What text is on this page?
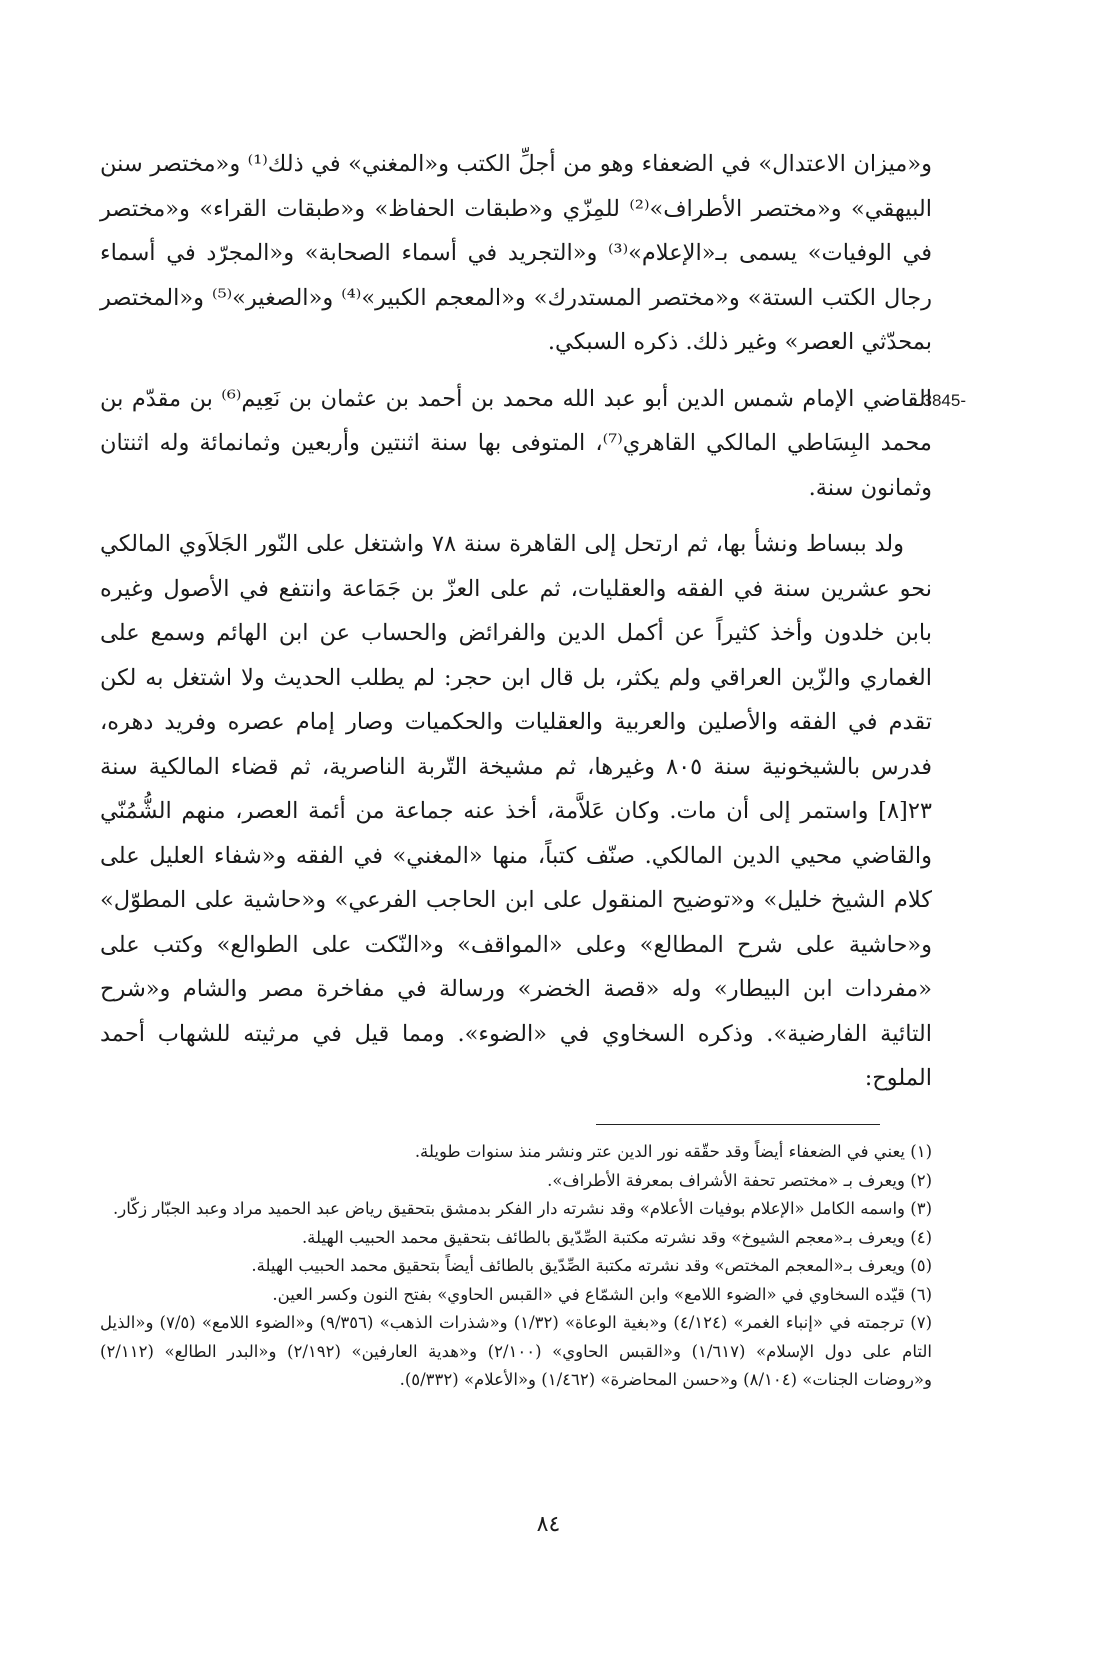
و«ميزان الاعتدال» في الضعفاء وهو من أجلِّ الكتب و«المغني» في ذلك⁽¹⁾ و«مختصر سنن البيهقي» و«مختصر الأطراف»⁽²⁾ للمِزّي و«طبقات الحفاظ» و«طبقات القراء» و«مختصر في الوفيات» يسمى بـ«الإعلام»⁽³⁾ و«التجريد في أسماء الصحابة» و«المجرّد في أسماء رجال الكتب الستة» و«مختصر المستدرك» و«المعجم الكبير»⁽⁴⁾ و«الصغير»⁽⁵⁾ و«المختصر بمحدّثي العصر» وغير ذلك. ذكره السبكي.

3845-
القاضي الإمام شمس الدين أبو عبد الله محمد بن أحمد بن عثمان بن نَعِيم⁽⁶⁾ بن مقدّم بن محمد البِسَاطي المالكي القاهري⁽⁷⁾، المتوفى بها سنة اثنتين وأربعين وثمانمائة وله اثنتان وثمانون سنة.

ولد ببساط ونشأ بها، ثم ارتحل إلى القاهرة سنة ٧٨ واشتغل على النّور الجَلاَوي المالكي نحو عشرين سنة في الفقه والعقليات، ثم على العزّ بن جَمَاعة وانتفع في الأصول وغيره بابن خلدون وأخذ كثيراً عن أكمل الدين والفرائض والحساب عن ابن الهائم وسمع على الغماري والزّين العراقي ولم يكثر، بل قال ابن حجر: لم يطلب الحديث ولا اشتغل به لكن تقدم في الفقه والأصلين والعربية والعقليات والحكميات وصار إمام عصره وفريد دهره، فدرس بالشيخونية سنة ٨٠٥ وغيرها، ثم مشيخة التّربة الناصرية، ثم قضاء المالكية سنة ٢٣[٨] واستمر إلى أن مات. وكان عَلاَّمة، أخذ عنه جماعة من أئمة العصر، منهم الشُّمُنّي والقاضي محيي الدين المالكي. صنّف كتباً، منها «المغني» في الفقه و«شفاء العليل على كلام الشيخ خليل» و«توضيح المنقول على ابن الحاجب الفرعي» و«حاشية على المطوّل» و«حاشية على شرح المطالع» وعلى «المواقف» و«النّكت على الطوالع» وكتب على «مفردات ابن البيطار» وله «قصة الخضر» ورسالة في مفاخرة مصر والشام و«شرح التائية الفارضية». وذكره السخاوي في «الضوء». ومما قيل في مرثيته للشهاب أحمد الملوح:

(١) يعني في الضعفاء أيضاً وقد حقّقه نور الدين عتر ونشر منذ سنوات طويلة.

(٢) ويعرف بـ «مختصر تحفة الأشراف بمعرفة الأطراف».

(٣) واسمه الكامل «الإعلام بوفيات الأعلام» وقد نشرته دار الفكر بدمشق بتحقيق رياض عبد الحميد مراد وعبد الجبّار زكّار.

(٤) ويعرف بـ«معجم الشيوخ» وقد نشرته مكتبة الصِّدّيق بالطائف بتحقيق محمد الحبيب الهيلة.

(٥) ويعرف بـ«المعجم المختص» وقد نشرته مكتبة الصِّدّيق بالطائف أيضاً بتحقيق محمد الحبيب الهيلة.

(٦) قيّده السخاوي في «الضوء اللامع» وابن الشمّاع في «القبس الحاوي» بفتح النون وكسر العين.

(٧) ترجمته في «إنباء الغمر» (٤/١٢٤) و«بغية الوعاة» (١/٣٢) و«شذرات الذهب» (٩/٣٥٦) و«الضوء اللامع» (٧/٥) و«الذيل التام على دول الإسلام» (١/٦١٧) و«القبس الحاوي» (٢/١٠٠) و«هدية العارفين» (٢/١٩٢) و«البدر الطالع» (٢/١١٢) و«روضات الجنات» (٨/١٠٤) و«حسن المحاضرة» (١/٤٦٢) و«الأعلام» (٥/٣٣٢).

٨٤
